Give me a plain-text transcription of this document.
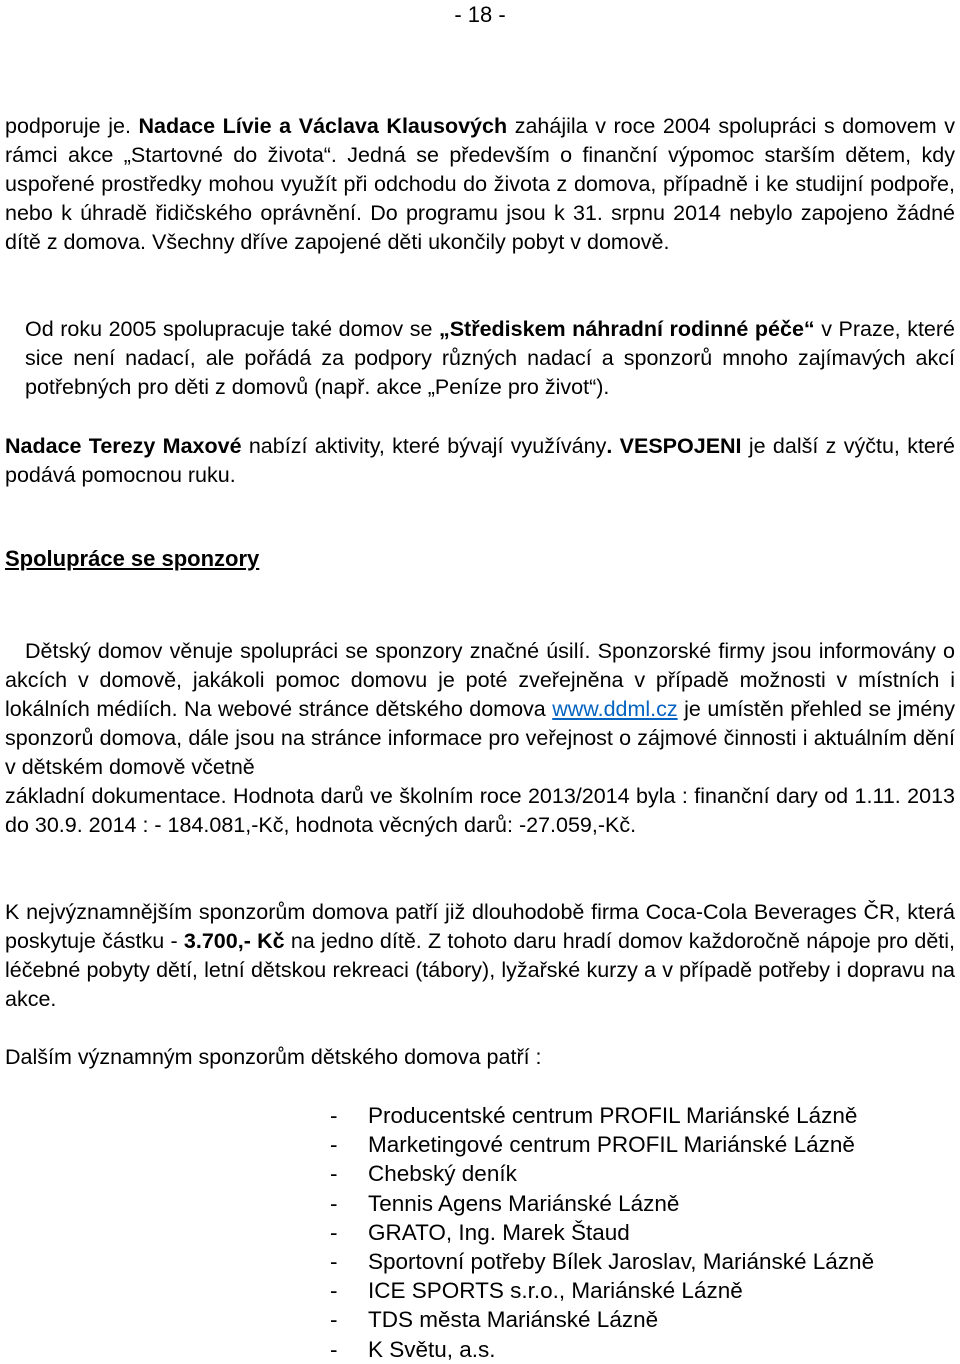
- 18 -
podporuje je. Nadace Lívie a Václava Klausových zahájila v roce 2004 spolupráci s domovem v rámci akce „Startovné do života“. Jedná se především o finanční výpomoc starším dětem, kdy uspořené prostředky mohou využít při odchodu do života z domova, případně i ke studijní podpoře, nebo k úhradě řidičského oprávnění. Do programu jsou k 31. srpnu 2014 nebylo zapojeno žádné dítě z domova. Všechny dříve zapojené děti ukončily pobyt v domově.
Od roku 2005 spolupracuje také domov se „Střediskem náhradní rodinné péče“ v Praze, které sice není nadací, ale pořádá za podpory různých nadací a sponzorů mnoho zajímavých akcí potřebných pro děti z domovů (např. akce „Peníze pro život“).
Nadace Terezy Maxové nabízí aktivity, které bývají využívány. VESPOJENI je další z výčtu, které podává pomocnou ruku.
Spolupráce se sponzory
Dětský domov věnuje spolupráci se sponzory značné úsilí. Sponzorské firmy jsou informovány o akcích v domově, jakákoli pomoc domovu je poté zveřejněna v případě možnosti v místních i lokálních médiích. Na webové stránce dětského domova www.ddml.cz je umístěn přehled se jmény sponzorů domova, dále jsou na stránce informace pro veřejnost o zájmové činnosti i aktuálním dění v dětském domově včetně
základní dokumentace. Hodnota darů ve školním roce 2013/2014 byla : finanční dary od 1.11. 2013 do 30.9. 2014 : - 184.081,-Kč, hodnota věcných darů: -27.059,-Kč.
K nejvýznamnějším sponzorům domova patří již dlouhodobě firma Coca-Cola Beverages ČR, která poskytuje částku - 3.700,- Kč na jedno dítě. Z tohoto daru hradí domov každoročně nápoje pro děti, léčebné pobyty dětí, letní dětskou rekreaci (tábory), lyžařské kurzy a v případě potřeby i dopravu na akce.
Dalším významným sponzorům dětského domova patří :
- Producentské centrum PROFIL Mariánské Lázně
- Marketingové centrum PROFIL Mariánské Lázně
- Chebský deník
- Tennis Agens Mariánské Lázně
- GRATO, Ing. Marek Štaud
- Sportovní potřeby Bílek Jaroslav, Mariánské Lázně
- ICE SPORTS s.r.o., Mariánské Lázně
- TDS města Mariánské Lázně
- K Světu, a.s.
